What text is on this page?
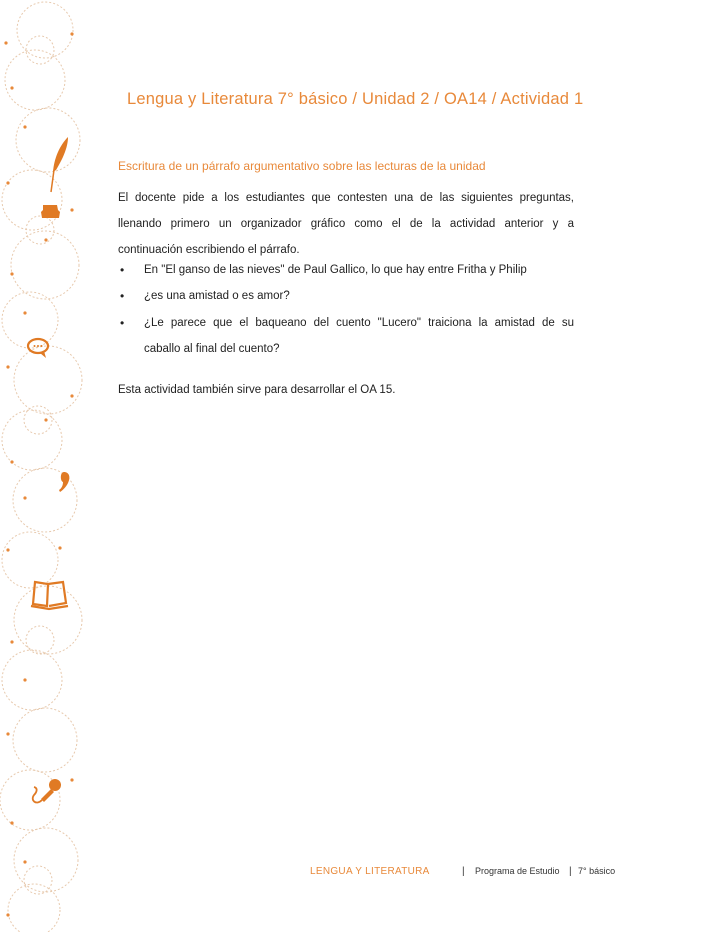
Lengua y Literatura 7° básico / Unidad 2 / OA14 / Actividad 1
Escritura de un párrafo argumentativo sobre las lecturas de la unidad
El docente pide a los estudiantes que contesten una de las siguientes preguntas,
llenando primero un organizador gráfico como el de la actividad anterior y a
continuación escribiendo el párrafo.
• En "El ganso de las nieves" de Paul Gallico, lo que hay entre Fritha y Philip
• ¿es una amistad o es amor?
• ¿Le parece que el baqueano del cuento "Lucero" traiciona la amistad de su
caballo al final del cuento?
Esta actividad también sirve para desarrollar el OA 15.
LENGUA Y LITERATURA	| Programa de Estudio | 7° básico
